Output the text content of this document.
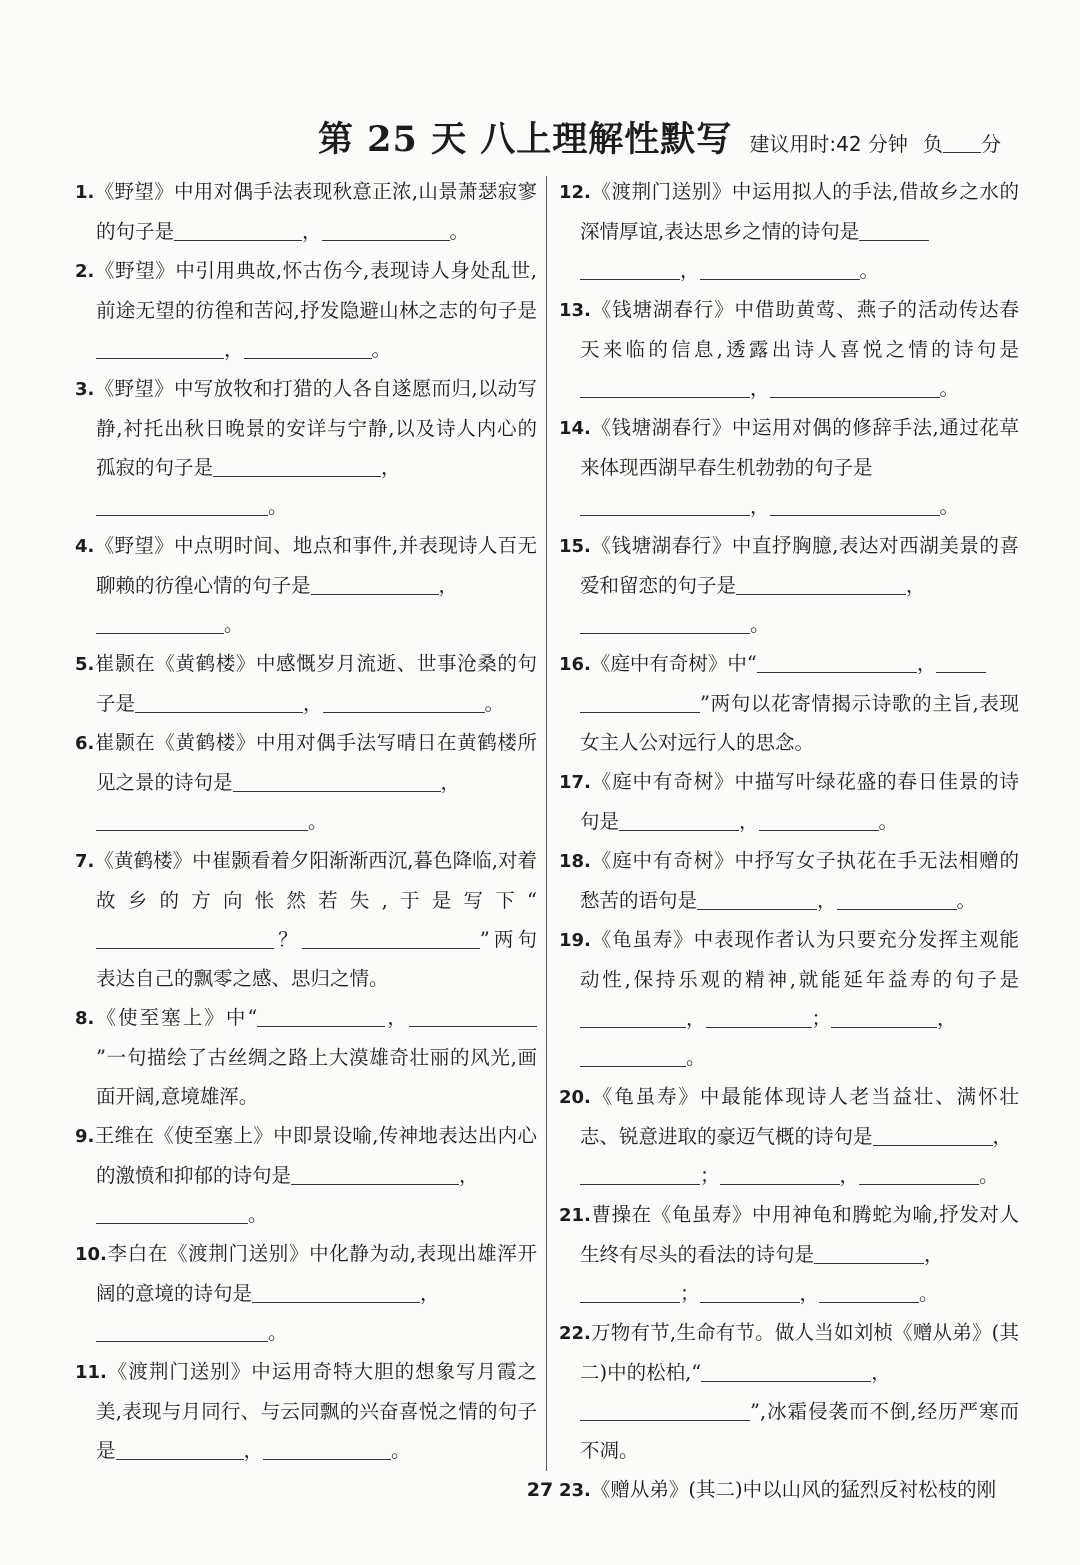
第 25 天 八上理解性默写 建议用时:42 分钟 负 分

1.《野望》中用对偶手法表现秋意正浓,山景萧瑟寂寥的句子是	，	。

2.《野望》中引用典故,怀古伤今,表现诗人身处乱世,前途无望的彷徨和苦闷,抒发隐避山林之志的句子是，	。

3.《野望》中写放牧和打猎的人各自遂愿而归,以动写静,衬托出秋日晚景的安详与宁静,以及诗人内心的孤寂的句子是	，
。

4.《野望》中点明时间、地点和事件,并表现诗人百无聊赖的彷徨心情的句子是	，
。

5.崔颢在《黄鹤楼》中感慨岁月流逝、世事沧桑的句子是	，	。

6.崔颢在《黄鹤楼》中用对偶手法写晴日在黄鹤楼所见之景的诗句是	，
。

7.《黄鹤楼》中崔颢看着夕阳渐渐西沉,暮色降临,对着故乡的方向怅然若失,于是写下“？	”两句表达自己的飘零之感、思归之情。

8.《使至塞上》中“	，”一句描绘了古丝绸之路上大漠雄奇壮丽的风光,画面开阔,意境雄浑。

9.王维在《使至塞上》中即景设喻,传神地表达出内心的激愤和抑郁的诗句是	，
。

10.李白在《渡荆门送别》中化静为动,表现出雄浑开阔的意境的诗句是	，
。

11.《渡荆门送别》中运用奇特大胆的想象写月霞之美,表现与月同行、与云同飘的兴奋喜悦之情的句子是	，	。

12.《渡荆门送别》中运用拟人的手法,借故乡之水的深情厚谊,表达思乡之情的诗句是
，	。

13.《钱塘湖春行》中借助黄莺、燕子的活动传达春天来临的信息,透露出诗人喜悦之情的诗句是，	。

14.《钱塘湖春行》中运用对偶的修辞手法,通过花草来体现西湖早春生机勃勃的句子是
，	。

15.《钱塘湖春行》中直抒胸臆,表达对西湖美景的喜爱和留恋的句子是	，
。

16.《庭中有奇树》中“	，
”两句以花寄情揭示诗歌的主旨,表现女主人公对远行人的思念。

17.《庭中有奇树》中描写叶绿花盛的春日佳景的诗句是	，	。

18.《庭中有奇树》中抒写女子执花在手无法相赠的愁苦的语句是	，	。

19.《龟虽寿》中表现作者认为只要充分发挥主观能动性,保持乐观的精神,就能延年益寿的句子是，	；	，
。

20.《龟虽寿》中最能体现诗人老当益壮、满怀壮志、锐意进取的豪迈气概的诗句是	，
；	，	。

21.曹操在《龟虽寿》中用神龟和腾蛇为喻,抒发对人生终有尽头的看法的诗句是	，
；	，	。

22.万物有节,生命有节。做人当如刘桢《赠从弟》(其二)中的松柏,“	，
”,冰霜侵袭而不倒,经历严寒而不凋。

23.《赠从弟》(其二)中以山风的猛烈反衬松枝的刚

27
